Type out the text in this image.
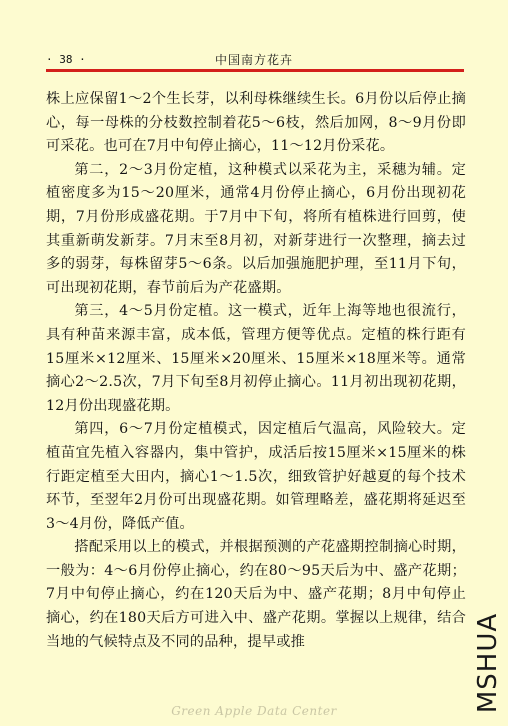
· 38 ·	中国南方花卉

株上应保留1～2个生长芽，以利母株继续生长。6月份以后停止摘心，每一母株的分枝数控制着花5～6枝，然后加网，8～9月份即可采花。也可在7月中旬停止摘心，11～12月份采花。

第二，2～3月份定植，这种模式以采花为主，采穗为辅。定植密度多为15～20厘米，通常4月份停止摘心，6月份出现初花期，7月份形成盛花期。于7月中下旬，将所有植株进行回剪，使其重新萌发新芽。7月末至8月初，对新芽进行一次整理，摘去过多的弱芽，每株留芽5～6条。以后加强施肥护理，至11月下旬，可出现初花期，春节前后为产花盛期。

第三，4～5月份定植。这一模式，近年上海等地也很流行，具有种苗来源丰富，成本低，管理方便等优点。定植的株行距有15厘米×12厘米、15厘米×20厘米、15厘米×18厘米等。通常摘心2～2.5次，7月下旬至8月初停止摘心。11月初出现初花期，12月份出现盛花期。

第四，6～7月份定植模式，因定植后气温高，风险较大。定植苗宜先植入容器内，集中管护，成活后按15厘米×15厘米的株行距定植至大田内，摘心1～1.5次，细致管护好越夏的每个技术环节，至翌年2月份可出现盛花期。如管理略差，盛花期将延迟至3～4月份，降低产值。

搭配采用以上的模式，并根据预测的产花盛期控制摘心时期，一般为：4～6月份停止摘心，约在80～95天后为中、盛产花期；7月中旬停止摘心，约在120天后为中、盛产花期；8月中旬停止摘心，约在180天后方可进入中、盛产花期。掌握以上规律，结合当地的气候特点及不同的品种，提早或推

Green Apple Data Center	MSHUA
